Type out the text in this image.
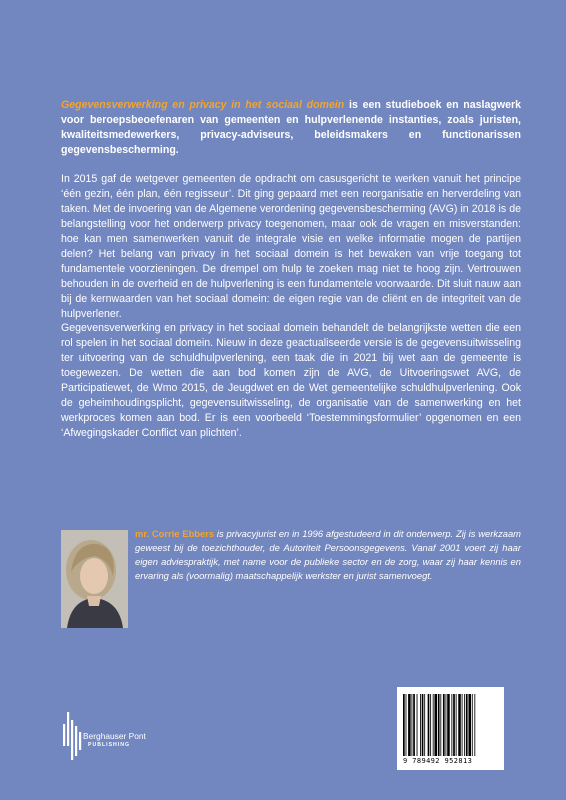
Gegevensverwerking en privacy in het sociaal domein is een studieboek en naslagwerk voor beroepsbeoefenaren van gemeenten en hulpverlenende instanties, zoals juristen, kwaliteitsmedewerkers, privacy-adviseurs, beleidsmakers en functionarissen gegevensbescherming.
In 2015 gaf de wetgever gemeenten de opdracht om casusgericht te werken vanuit het principe ‘één gezin, één plan, één regisseur’. Dit ging gepaard met een reorganisatie en herverdeling van taken. Met de invoering van de Algemene verordening gegevensbescherming (AVG) in 2018 is de belangstelling voor het onderwerp privacy toegenomen, maar ook de vragen en misverstanden: hoe kan men samenwerken vanuit de integrale visie en welke informatie mogen de partijen delen? Het belang van privacy in het sociaal domein is het bewaken van vrije toegang tot fundamentele voorzieningen. De drempel om hulp te zoeken mag niet te hoog zijn. Vertrouwen behouden in de overheid en de hulpverlening is een fundamentele voorwaarde. Dit sluit nauw aan bij de kernwaarden van het sociaal domein: de eigen regie van de cliënt en de integriteit van de hulpverlener.
Gegevensverwerking en privacy in het sociaal domein behandelt de belangrijkste wetten die een rol spelen in het sociaal domein. Nieuw in deze geactualiseerde versie is de gegevensuitwisseling ter uitvoering van de schuldhulpverlening, een taak die in 2021 bij wet aan de gemeente is toegewezen. De wetten die aan bod komen zijn de AVG, de Uitvoeringswet AVG, de Participatiewet, de Wmo 2015, de Jeugdwet en de Wet gemeentelijke schuldhulpverlening. Ook de geheimhoudingsplicht, gegevensuitwisseling, de organisatie van de samenwerking en het werkproces komen aan bod. Er is een voorbeeld ‘Toestemmingsformulier’ opgenomen en een ‘Afwegingskader Conflict van plichten’.
mr. Corrie Ebbers is privacyjurist en in 1996 afgestudeerd in dit onderwerp. Zij is werkzaam geweest bij de toezichthouder, de Autoriteit Persoonsgegevens. Vanaf 2001 voert zij haar eigen adviespraktijk, met name voor de publieke sector en de zorg, waar zij haar kennis en ervaring als (voormalig) maatschappelijk werkster en jurist samenvoegt.
Berghauser Pont
PUBLISHING
9 789492 952813
